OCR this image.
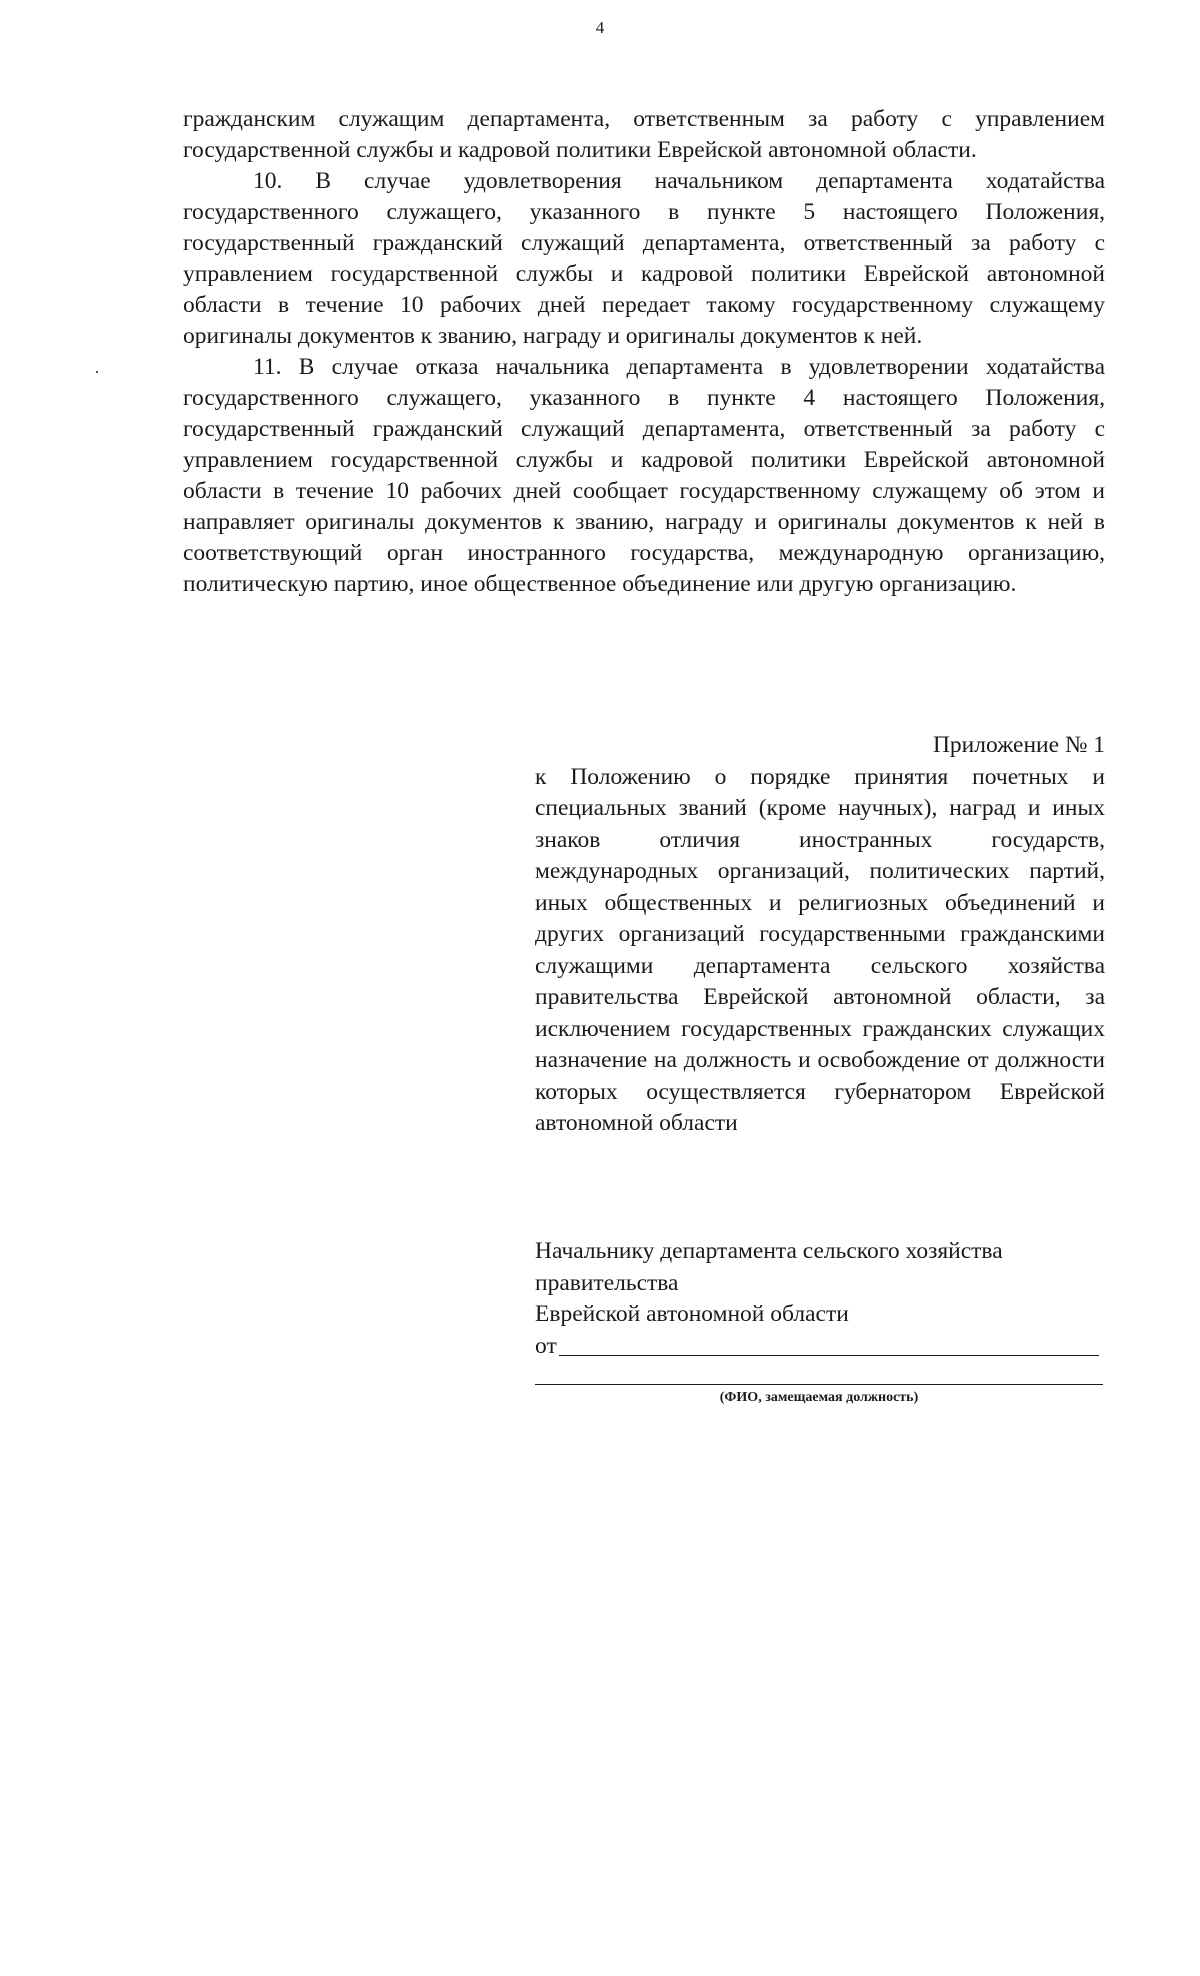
4

гражданским служащим департамента, ответственным за работу с управлением государственной службы и кадровой политики Еврейской автономной области.

10. В случае удовлетворения начальником департамента ходатайства государственного служащего, указанного в пункте 5 настоящего Положения, государственный гражданский служащий департамента, ответственный за работу с управлением государственной службы и кадровой политики Еврейской автономной области в течение 10 рабочих дней передает такому государственному служащему оригиналы документов к званию, награду и оригиналы документов к ней.

11. В случае отказа начальника департамента в удовлетворении ходатайства государственного служащего, указанного в пункте 4 настоящего Положения, государственный гражданский служащий департамента, ответственный за работу с управлением государственной службы и кадровой политики Еврейской автономной области в течение 10 рабочих дней сообщает государственному служащему об этом и направляет оригиналы документов к званию, награду и оригиналы документов к ней в соответствующий орган иностранного государства, международную организацию, политическую партию, иное общественное объединение или другую организацию.

Приложение № 1

к Положению о порядке принятия почетных и специальных званий (кроме научных), наград и иных знаков отличия иностранных государств, международных организаций, политических партий, иных общественных и религиозных объединений и других организаций государственными гражданскими служащими департамента сельского хозяйства правительства Еврейской автономной области, за исключением государственных гражданских служащих назначение на должность и освобождение от должности которых осуществляется губернатором Еврейской автономной области

Начальнику департамента сельского хозяйства правительства

Еврейской автономной области

от
(ФИО, замещаемая должность)
